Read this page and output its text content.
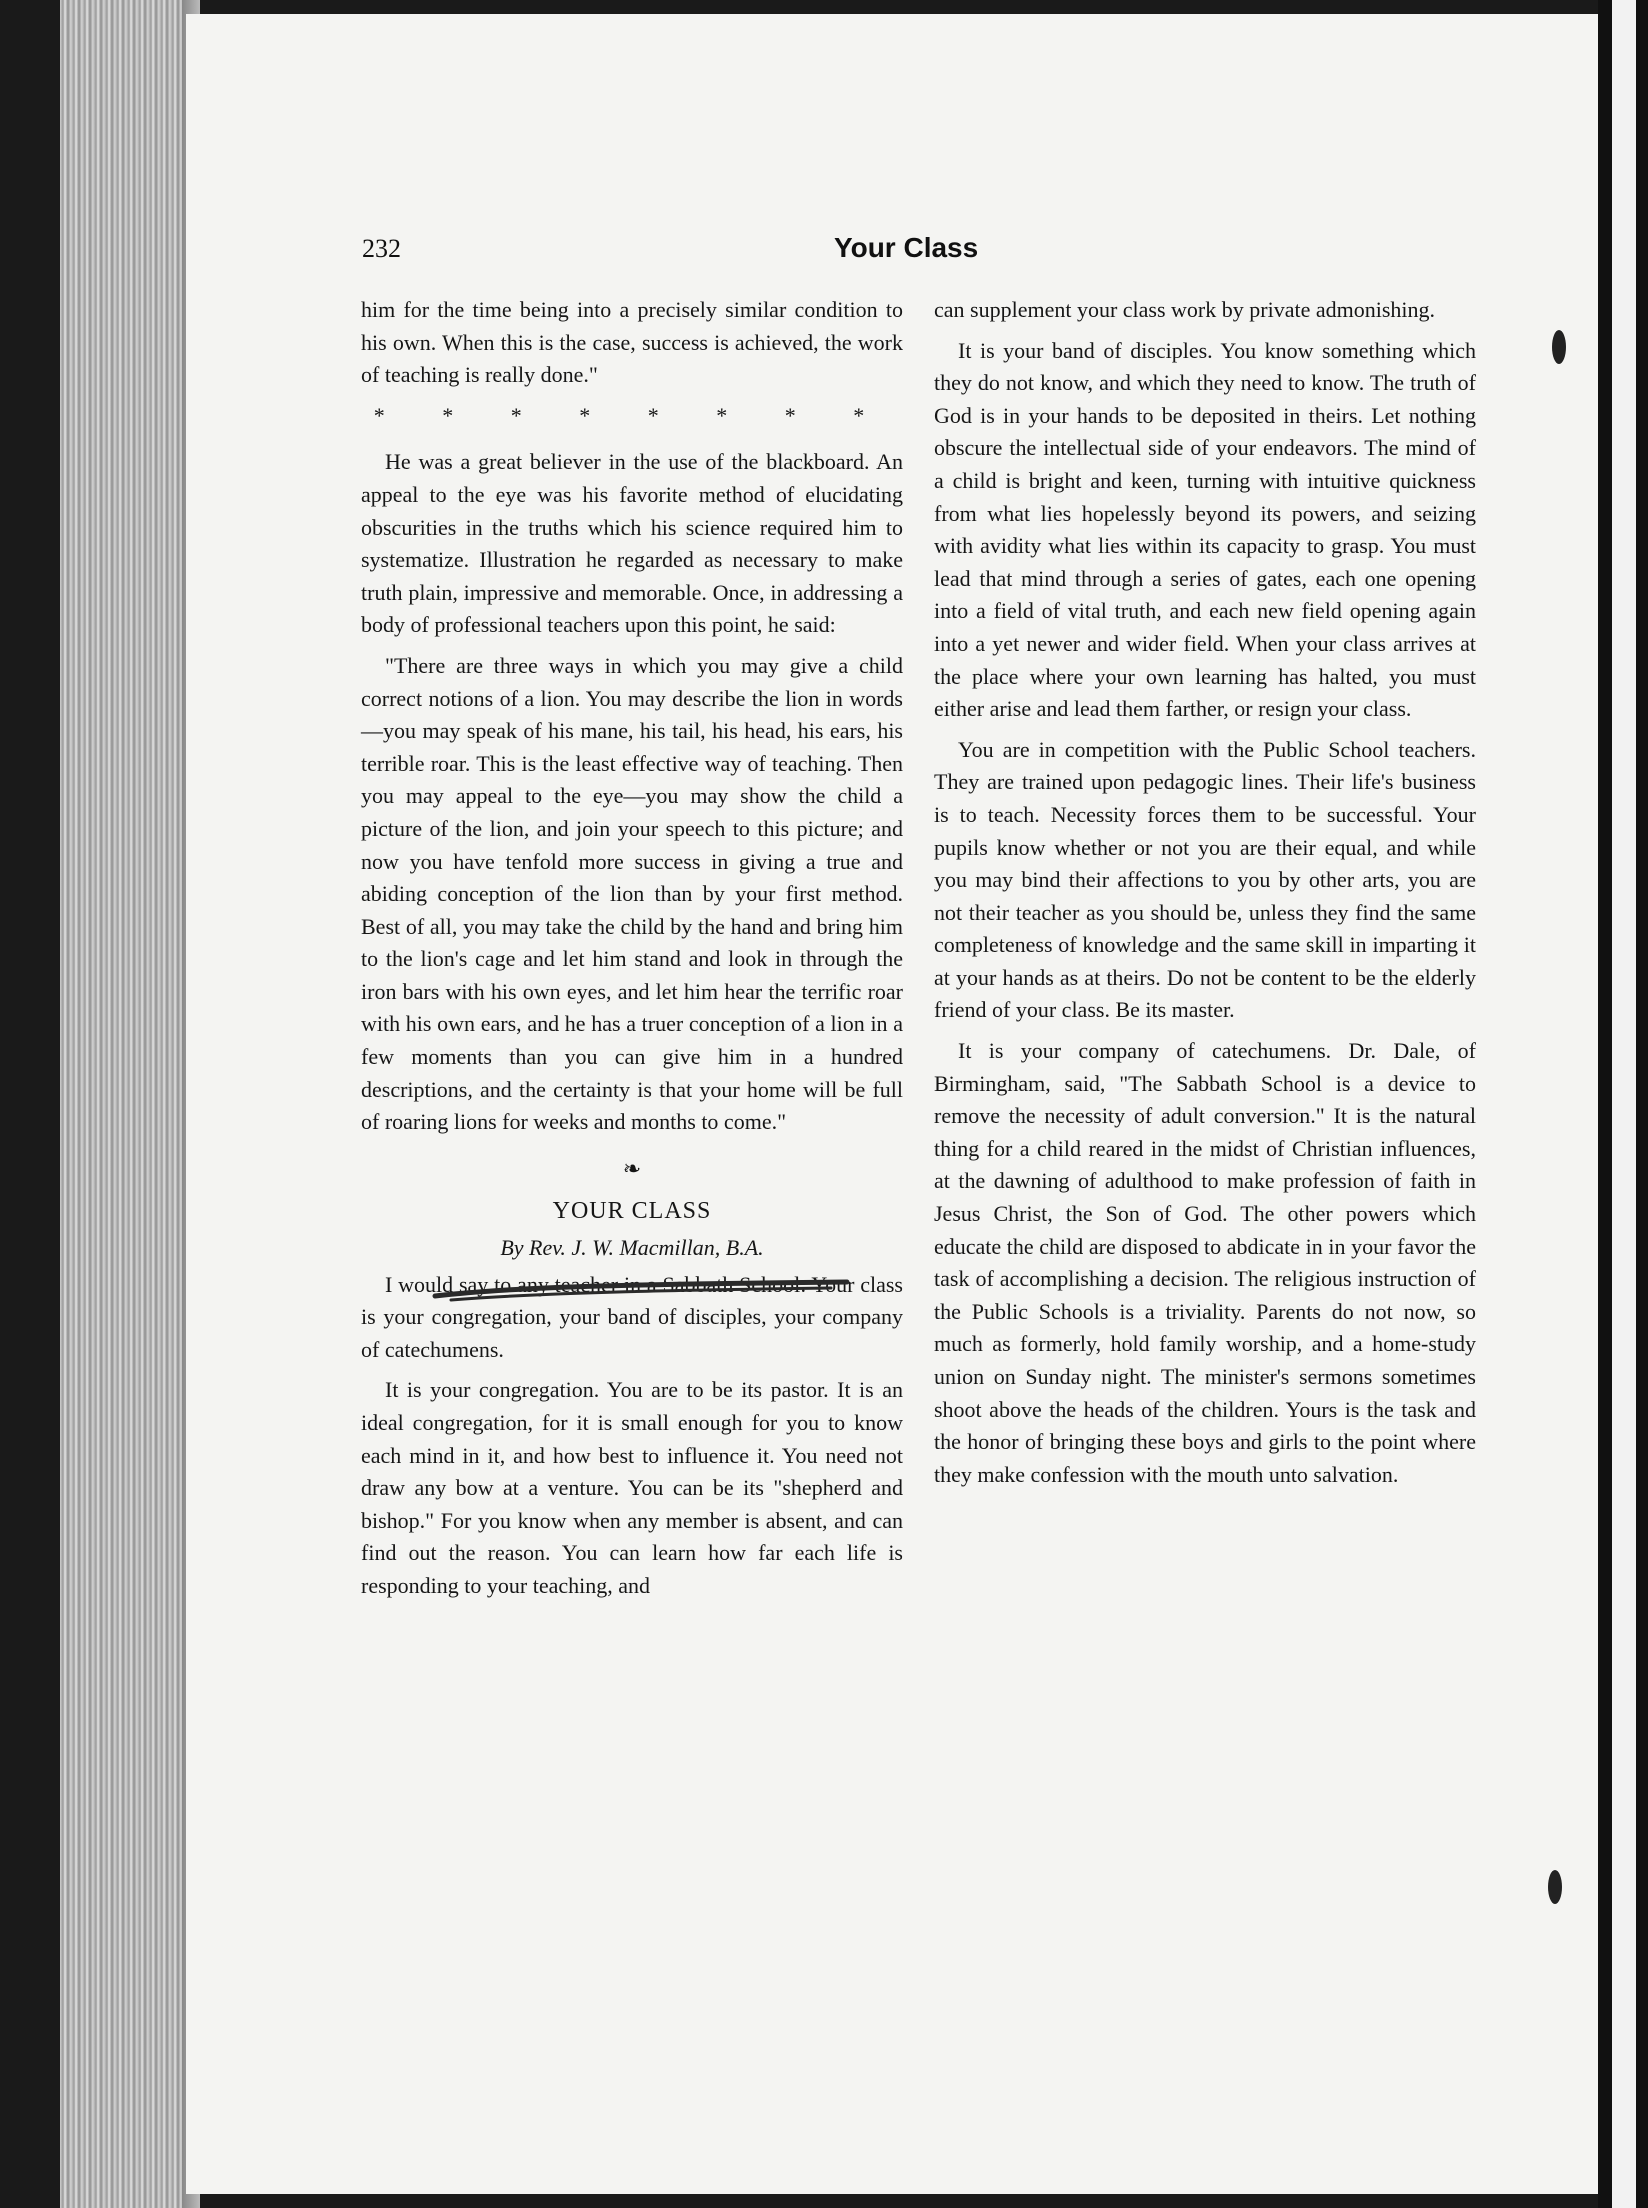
232	Your Class

him for the time being into a precisely similar condition to his own. When this is the case, success is achieved, the work of teaching is really done."

* * * * * * * *

He was a great believer in the use of the blackboard. An appeal to the eye was his favorite method of elucidating obscurities in the truths which his science required him to systematize. Illustration he regarded as necessary to make truth plain, impressive and memorable. Once, in addressing a body of professional teachers upon this point, he said:

"There are three ways in which you may give a child correct notions of a lion. You may describe the lion in words—you may speak of his mane, his tail, his head, his ears, his terrible roar. This is the least effective way of teaching. Then you may appeal to the eye—you may show the child a picture of the lion, and join your speech to this picture; and now you have tenfold more success in giving a true and abiding conception of the lion than by your first method. Best of all, you may take the child by the hand and bring him to the lion's cage and let him stand and look in through the iron bars with his own eyes, and let him hear the terrific roar with his own ears, and he has a truer conception of a lion in a few moments than you can give him in a hundred descriptions, and the certainty is that your home will be full of roaring lions for weeks and months to come."

❧
YOUR CLASS
By Rev. J. W. Macmillan, B.A.

I would say to any teacher in a Sabbath School: Your class is your congregation, your band of disciples, your company of catechumens.

It is your congregation. You are to be its pastor. It is an ideal congregation, for it is small enough for you to know each mind in it, and how best to influence it. You need not draw any bow at a venture. You can be its "shepherd and bishop." For you know when any member is absent, and can find out the reason. You can learn how far each life is responding to your teaching, and

can supplement your class work by private admonishing.

It is your band of disciples. You know something which they do not know, and which they need to know. The truth of God is in your hands to be deposited in theirs. Let nothing obscure the intellectual side of your endeavors. The mind of a child is bright and keen, turning with intuitive quickness from what lies hopelessly beyond its powers, and seizing with avidity what lies within its capacity to grasp. You must lead that mind through a series of gates, each one opening into a field of vital truth, and each new field opening again into a yet newer and wider field. When your class arrives at the place where your own learning has halted, you must either arise and lead them farther, or resign your class.

You are in competition with the Public School teachers. They are trained upon pedagogic lines. Their life's business is to teach. Necessity forces them to be successful. Your pupils know whether or not you are their equal, and while you may bind their affections to you by other arts, you are not their teacher as you should be, unless they find the same completeness of knowledge and the same skill in imparting it at your hands as at theirs. Do not be content to be the elderly friend of your class. Be its master.

It is your company of catechumens. Dr. Dale, of Birmingham, said, "The Sabbath School is a device to remove the necessity of adult conversion." It is the natural thing for a child reared in the midst of Christian influences, at the dawning of adulthood to make profession of faith in Jesus Christ, the Son of God. The other powers which educate the child are disposed to abdicate in in your favor the task of accomplishing a decision. The religious instruction of the Public Schools is a triviality. Parents do not now, so much as formerly, hold family worship, and a home-study union on Sunday night. The minister's sermons sometimes shoot above the heads of the children. Yours is the task and the honor of bringing these boys and girls to the point where they make confession with the mouth unto salvation.
